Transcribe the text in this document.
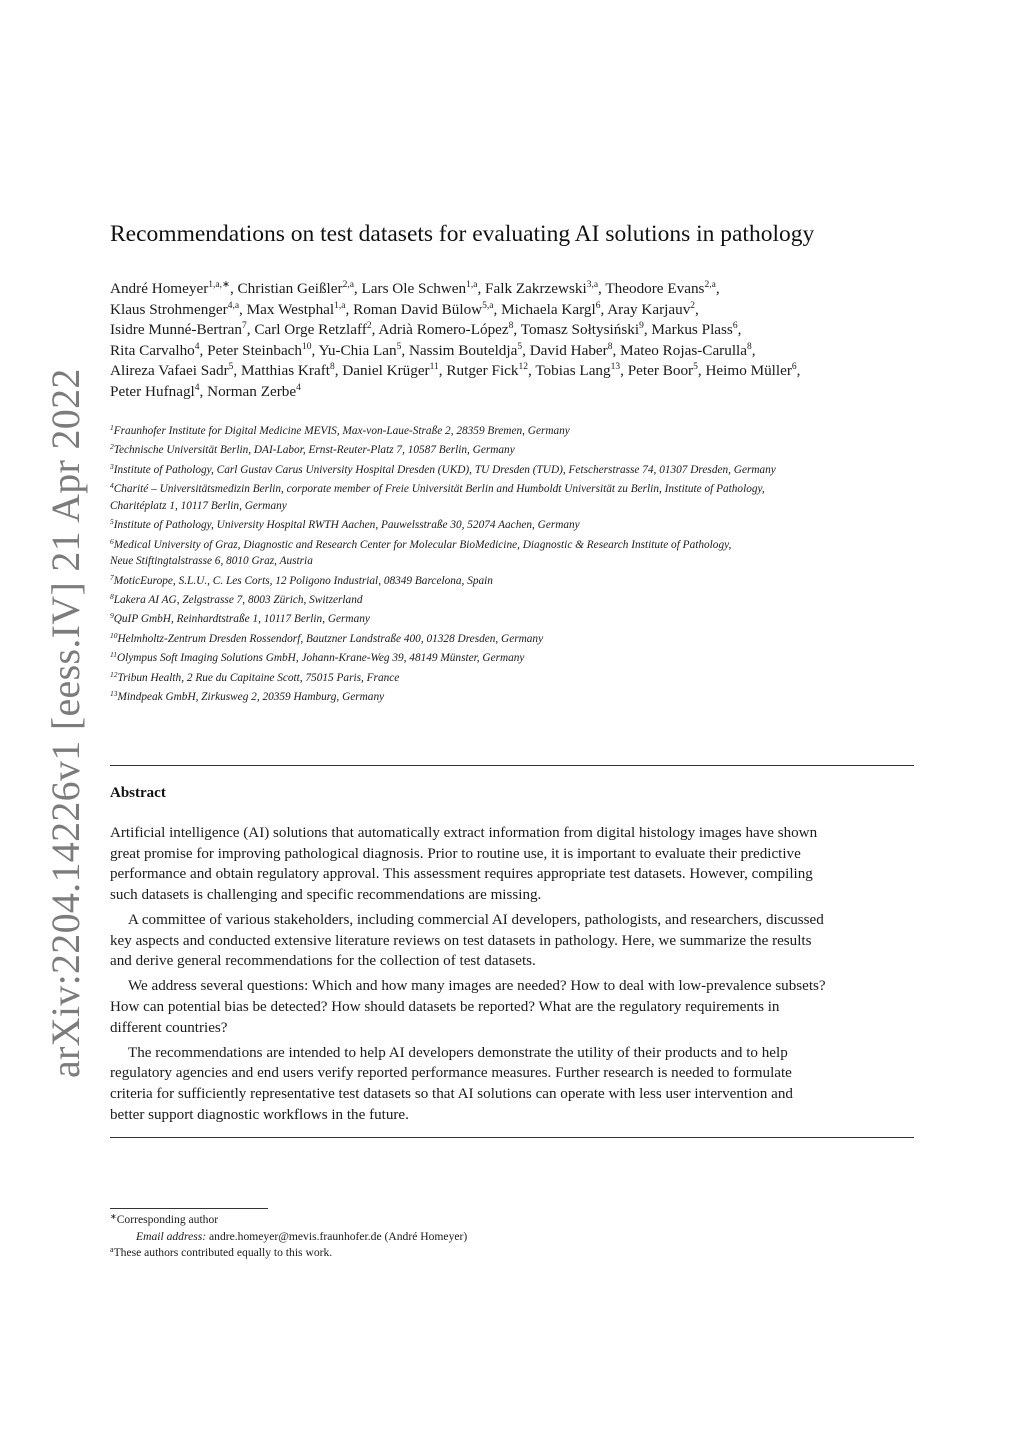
arXiv:2204.14226v1 [eess.IV] 21 Apr 2022
Recommendations on test datasets for evaluating AI solutions in pathology
André Homeyer$^{1,a,∗}$, Christian Geißler$^{2,a}$, Lars Ole Schwen$^{1,a}$, Falk Zakrzewski$^{3,a}$, Theodore Evans$^{2,a}$,
Klaus Strohmenger$^{4,a}$, Max Westphal$^{1,a}$, Roman David Bülow$^{5,a}$, Michaela Kargl$^6$, Aray Karjauv$^2$,
Isidre Munné-Bertran$^7$, Carl Orge Retzlaff$^2$, Adrià Romero-López$^8$, Tomasz Sołtysiński$^9$, Markus Plass$^6$,
Rita Carvalho$^4$, Peter Steinbach$^{10}$, Yu-Chia Lan$^5$, Nassim Bouteldja$^5$, David Haber$^8$, Mateo Rojas-Carulla$^8$,
Alireza Vafaei Sadr$^5$, Matthias Kraft$^8$, Daniel Krüger$^{11}$, Rutger Fick$^{12}$, Tobias Lang$^{13}$, Peter Boor$^5$, Heimo Müller$^6$,
Peter Hufnagl$^4$, Norman Zerbe$^4$
$^1$Fraunhofer Institute for Digital Medicine MEVIS, Max-von-Laue-Straße 2, 28359 Bremen, Germany
$^2$Technische Universität Berlin, DAI-Labor, Ernst-Reuter-Platz 7, 10587 Berlin, Germany
$^3$Institute of Pathology, Carl Gustav Carus University Hospital Dresden (UKD), TU Dresden (TUD), Fetscherstrasse 74, 01307 Dresden, Germany
$^4$Charité – Universitätsmedizin Berlin, corporate member of Freie Universität Berlin and Humboldt Universität zu Berlin, Institute of Pathology,
Charitéplatz 1, 10117 Berlin, Germany
$^5$Institute of Pathology, University Hospital RWTH Aachen, Pauwelsstraße 30, 52074 Aachen, Germany
$^6$Medical University of Graz, Diagnostic and Research Center for Molecular BioMedicine, Diagnostic & Research Institute of Pathology,
Neue Stiftingtalstrasse 6, 8010 Graz, Austria
$^7$MoticEurope, S.L.U., C. Les Corts, 12 Poligono Industrial, 08349 Barcelona, Spain
$^8$Lakera AI AG, Zelgstrasse 7, 8003 Zürich, Switzerland
$^9$QuIP GmbH, Reinhardtstraße 1, 10117 Berlin, Germany
$^{10}$Helmholtz-Zentrum Dresden Rossendorf, Bautzner Landstraße 400, 01328 Dresden, Germany
$^{11}$Olympus Soft Imaging Solutions GmbH, Johann-Krane-Weg 39, 48149 Münster, Germany
$^{12}$Tribun Health, 2 Rue du Capitaine Scott, 75015 Paris, France
$^{13}$Mindpeak GmbH, Zirkusweg 2, 20359 Hamburg, Germany
Abstract
Artificial intelligence (AI) solutions that automatically extract information from digital histology images have shown
great promise for improving pathological diagnosis. Prior to routine use, it is important to evaluate their predictive
performance and obtain regulatory approval. This assessment requires appropriate test datasets. However, compiling
such datasets is challenging and specific recommendations are missing.
A committee of various stakeholders, including commercial AI developers, pathologists, and researchers, discussed
key aspects and conducted extensive literature reviews on test datasets in pathology. Here, we summarize the results
and derive general recommendations for the collection of test datasets.
We address several questions: Which and how many images are needed? How to deal with low-prevalence subsets?
How can potential bias be detected? How should datasets be reported? What are the regulatory requirements in
different countries?
The recommendations are intended to help AI developers demonstrate the utility of their products and to help
regulatory agencies and end users verify reported performance measures. Further research is needed to formulate
criteria for sufficiently representative test datasets so that AI solutions can operate with less user intervention and
better support diagnostic workflows in the future.
∗Corresponding author
Email address: andre.homeyer@mevis.fraunhofer.de (André Homeyer)
$^a$These authors contributed equally to this work.
